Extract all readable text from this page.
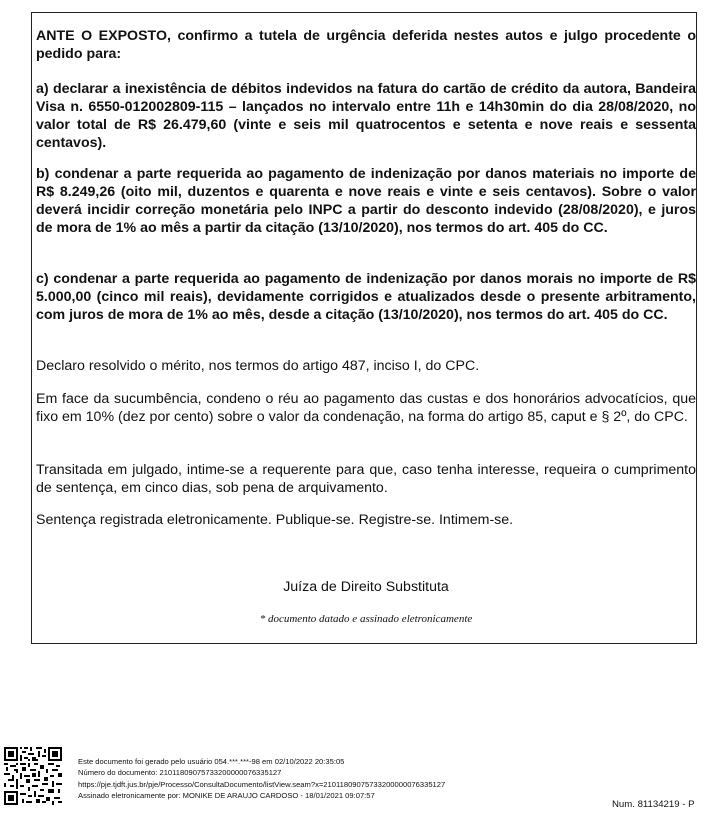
ANTE O EXPOSTO, confirmo a tutela de urgência deferida nestes autos e julgo procedente o pedido para:

a) declarar a inexistência de débitos indevidos na fatura do cartão de crédito da autora, Bandeira Visa n. 6550-012002809-115 – lançados no intervalo entre 11h e 14h30min do dia 28/08/2020, no valor total de R$ 26.479,60 (vinte e seis mil quatrocentos e setenta e nove reais e sessenta centavos).

b) condenar a parte requerida ao pagamento de indenização por danos materiais no importe de R$ 8.249,26 (oito mil, duzentos e quarenta e nove reais e vinte e seis centavos). Sobre o valor deverá incidir correção monetária pelo INPC a partir do desconto indevido (28/08/2020), e juros de mora de 1% ao mês a partir da citação (13/10/2020), nos termos do art. 405 do CC.

c) condenar a parte requerida ao pagamento de indenização por danos morais no importe de R$ 5.000,00 (cinco mil reais), devidamente corrigidos e atualizados desde o presente arbitramento, com juros de mora de 1% ao mês, desde a citação (13/10/2020), nos termos do art. 405 do CC.

Declaro resolvido o mérito, nos termos do artigo 487, inciso I, do CPC.

Em face da sucumbência, condeno o réu ao pagamento das custas e dos honorários advocatícios, que fixo em 10% (dez por cento) sobre o valor da condenação, na forma do artigo 85, caput e § 2º, do CPC.

Transitada em julgado, intime-se a requerente para que, caso tenha interesse, requeira o cumprimento de sentença, em cinco dias, sob pena de arquivamento.

Sentença registrada eletronicamente. Publique-se. Registre-se. Intimem-se.

Juíza de Direito Substituta
* documento datado e assinado eletronicamente
Este documento foi gerado pelo usuário 054.***.***-98 em 02/10/2022 20:35:05
Número do documento: 21011809075733200000076335127
https://pje.tjdft.jus.br/pje/Processo/ConsultaDocumento/listView.seam?x=21011809075733200000076335127
Assinado eletronicamente por: MONIKE DE ARAUJO CARDOSO - 18/01/2021 09:07:57
Num. 81134219 - P
